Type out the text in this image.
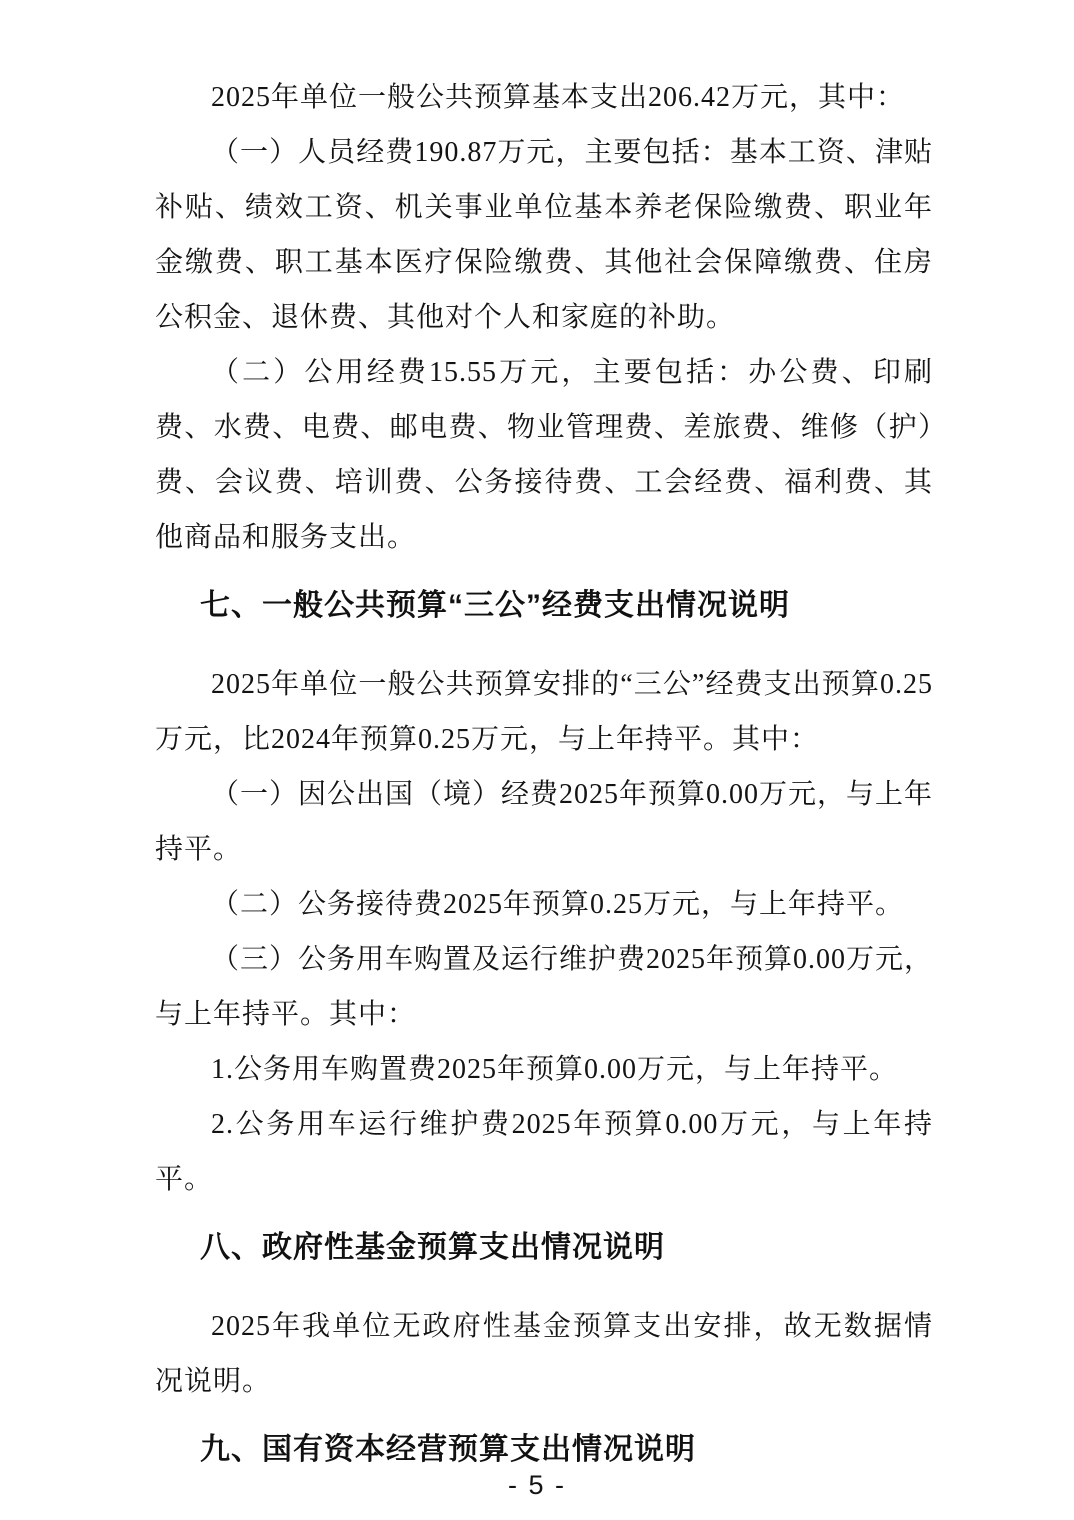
2025年单位一般公共预算基本支出206.42万元，其中：

（一）人员经费190.87万元，主要包括：基本工资、津贴补贴、绩效工资、机关事业单位基本养老保险缴费、职业年金缴费、职工基本医疗保险缴费、其他社会保障缴费、住房公积金、退休费、其他对个人和家庭的补助。

（二）公用经费15.55万元，主要包括：办公费、印刷费、水费、电费、邮电费、物业管理费、差旅费、维修（护）费、会议费、培训费、公务接待费、工会经费、福利费、其他商品和服务支出。

七、一般公共预算“三公”经费支出情况说明

2025年单位一般公共预算安排的“三公”经费支出预算0.25万元，比2024年预算0.25万元，与上年持平。其中：

（一）因公出国（境）经费2025年预算0.00万元，与上年持平。

（二）公务接待费2025年预算0.25万元，与上年持平。

（三）公务用车购置及运行维护费2025年预算0.00万元，与上年持平。其中：

1.公务用车购置费2025年预算0.00万元，与上年持平。

2.公务用车运行维护费2025年预算0.00万元，与上年持平。

八、政府性基金预算支出情况说明

2025年我单位无政府性基金预算支出安排，故无数据情况说明。

九、国有资本经营预算支出情况说明
- 5 -
